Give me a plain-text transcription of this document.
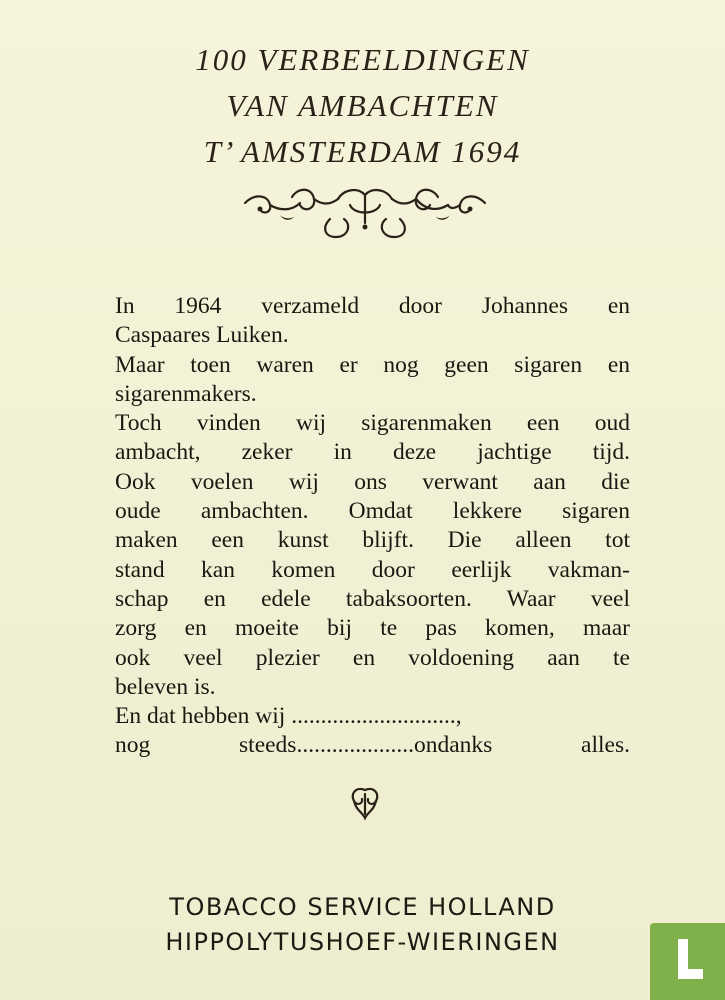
100 VERBEELDINGEN
VAN AMBACHTEN
T’ AMSTERDAM 1694
In 1964 verzameld door Johannes en
Caspaares Luiken.
Maar toen waren er nog geen sigaren en
sigarenmakers.
Toch vinden wij sigarenmaken een oud
ambacht, zeker in deze jachtige tijd.
Ook voelen wij ons verwant aan die
oude ambachten. Omdat lekkere sigaren
maken een kunst blijft. Die alleen tot
stand kan komen door eerlijk vakman-
schap en edele tabaksoorten. Waar veel
zorg en moeite bij te pas komen, maar
ook veel plezier en voldoening aan te
beleven is.
En dat hebben wij ............................,
nog steeds....................ondanks alles.
TOBACCO SERVICE HOLLAND
HIPPOLYTUSHOEF-WIERINGEN
